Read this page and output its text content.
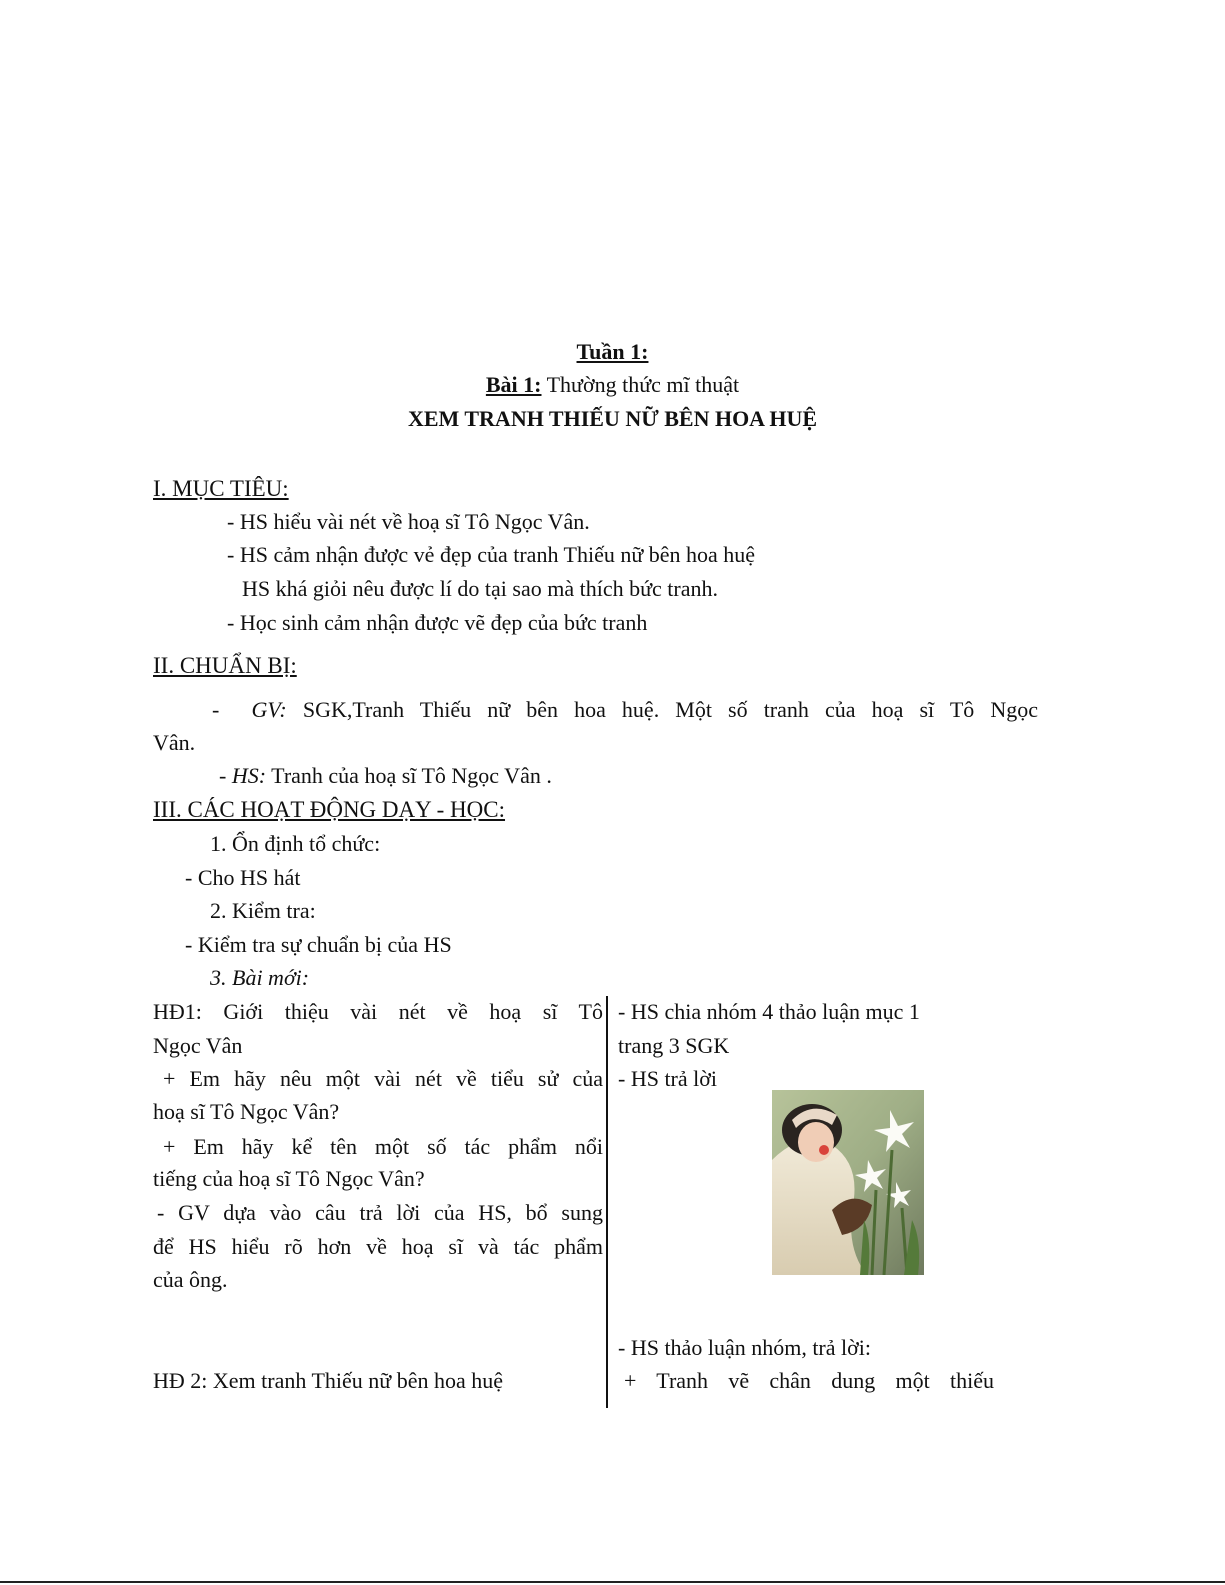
Tuần 1:
Bài 1: Thường thức mĩ thuật
XEM TRANH THIẾU NỮ BÊN HOA HUỆ
I. MỤC TIÊU:
- HS hiểu vài nét về hoạ sĩ Tô Ngọc Vân.
- HS cảm nhận được vẻ đẹp của tranh Thiếu nữ bên hoa huệ
HS khá giỏi nêu được lí do tại sao mà thích bức tranh.
- Học sinh cảm nhận được vẽ đẹp của bức tranh
II. CHUẨN BỊ:
-  GV: SGK,Tranh Thiếu nữ bên hoa huệ. Một số tranh của hoạ sĩ Tô Ngọc
Vân.
- HS: Tranh của hoạ sĩ Tô Ngọc Vân .
III. CÁC HOẠT ĐỘNG DẠY - HỌC:
1. Ổn định tổ chức:
- Cho HS hát
2. Kiểm tra:
- Kiểm tra sự chuẩn bị của HS
3. Bài mới:
HĐ1: Giới thiệu vài nét về hoạ sĩ Tô
Ngọc Vân
+ Em hãy nêu một vài nét về tiểu sử của
hoạ sĩ Tô Ngọc Vân?
+ Em hãy kể tên một số tác phẩm nổi
tiếng của hoạ sĩ Tô Ngọc Vân?
- GV dựa vào câu trả lời của HS, bổ sung
để HS hiểu rõ hơn về hoạ sĩ và tác phẩm
của ông.
HĐ 2: Xem tranh Thiếu nữ bên hoa huệ
- HS chia nhóm 4 thảo luận mục 1
trang 3 SGK
- HS trả lời
- HS thảo luận nhóm, trả lời:
+ Tranh vẽ chân dung một thiếu
